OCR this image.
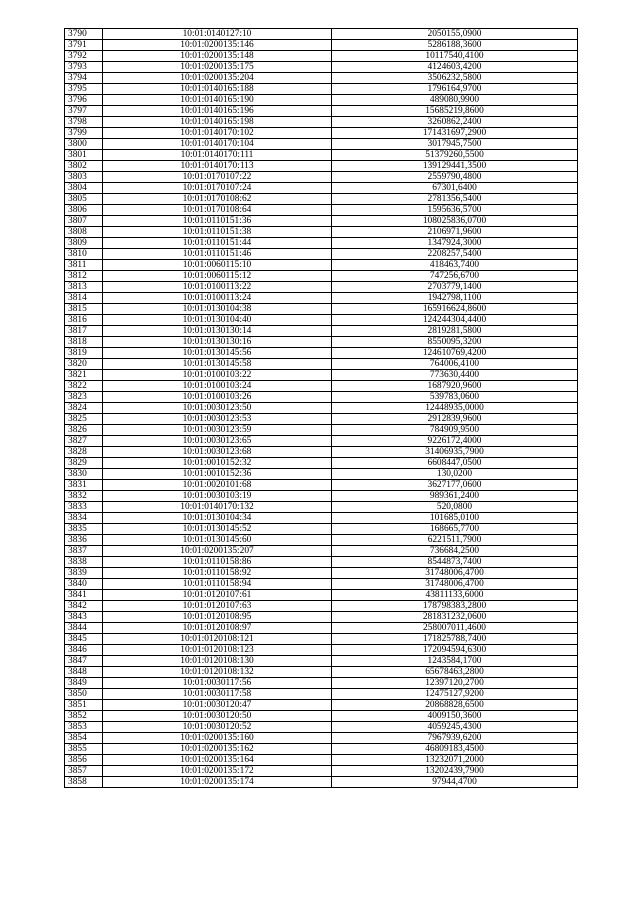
3790	10:01:0140127:10	2050155,0900
3791	10:01:0200135:146	5286188,3600
3792	10:01:0200135:148	10117540,4100
3793	10:01:0200135:175	4124603,4200
3794	10:01:0200135:204	3506232,5800
3795	10:01:0140165:188	1796164,9700
3796	10:01:0140165:190	489080,9900
3797	10:01:0140165:196	15685219,8600
3798	10:01:0140165:198	3260862,2400
3799	10:01:0140170:102	171431697,2900
3800	10:01:0140170:104	3017945,7500
3801	10:01:0140170:111	51379260,5500
3802	10:01:0140170:113	139129441,3500
3803	10:01:0170107:22	2559790,4800
3804	10:01:0170107:24	67301,6400
3805	10:01:0170108:62	2781356,5400
3806	10:01:0170108:64	1595636,5700
3807	10:01:0110151:36	108025836,0700
3808	10:01:0110151:38	2106971,9600
3809	10:01:0110151:44	1347924,3000
3810	10:01:0110151:46	2208257,5400
3811	10:01:0060115:10	418463,7400
3812	10:01:0060115:12	747256,6700
3813	10:01:0100113:22	2703779,1400
3814	10:01:0100113:24	1942798,1100
3815	10:01:0130104:38	165916624,8600
3816	10:01:0130104:40	124244304,4400
3817	10:01:0130130:14	2819281,5800
3818	10:01:0130130:16	8550095,3200
3819	10:01:0130145:56	124610769,4200
3820	10:01:0130145:58	764006,4100
3821	10:01:0100103:22	773630,4400
3822	10:01:0100103:24	1687920,9600
3823	10:01:0100103:26	539783,0600
3824	10:01:0030123:50	12448935,0000
3825	10:01:0030123:53	2912839,9600
3826	10:01:0030123:59	784909,9500
3827	10:01:0030123:65	9226172,4000
3828	10:01:0030123:68	31406935,7900
3829	10:01:0010152:32	6608447,0500
3830	10:01:0010152:36	130,0200
3831	10:01:0020101:68	3627177,0600
3832	10:01:0030103:19	989361,2400
3833	10:01:0140170:132	520,0800
3834	10:01:0130104:34	101685,0100
3835	10:01:0130145:52	168665,7700
3836	10:01:0130145:60	6221511,7900
3837	10:01:0200135:207	736684,2500
3838	10:01:0110158:86	8544873,7400
3839	10:01:0110158:92	31748006,4700
3840	10:01:0110158:94	31748006,4700
3841	10:01:0120107:61	43811133,6000
3842	10:01:0120107:63	178798383,2800
3843	10:01:0120108:95	281831232,0600
3844	10:01:0120108:97	258007011,4600
3845	10:01:0120108:121	171825788,7400
3846	10:01:0120108:123	172094594,6300
3847	10:01:0120108:130	1243584,1700
3848	10:01:0120108:132	65678463,2800
3849	10:01:0030117:56	12397120,2700
3850	10:01:0030117:58	12475127,9200
3851	10:01:0030120:47	20868828,6500
3852	10:01:0030120:50	4009150,3600
3853	10:01:0030120:52	4059245,4300
3854	10:01:0200135:160	7967939,6200
3855	10:01:0200135:162	46809183,4500
3856	10:01:0200135:164	13232071,2000
3857	10:01:0200135:172	13202439,7900
3858	10:01:0200135:174	97944,4700
